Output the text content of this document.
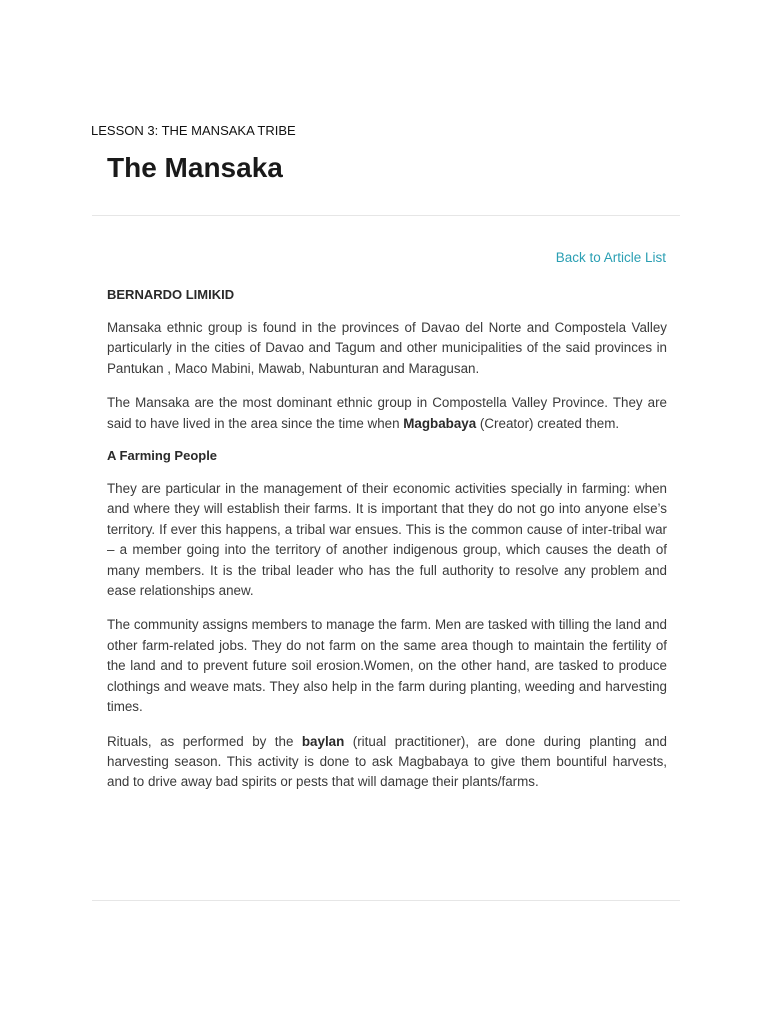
LESSON 3: THE MANSAKA TRIBE
The Mansaka
Back to Article List

BERNARDO LIMIKID

Mansaka ethnic group is found in the provinces of Davao del Norte and Compostela Valley particularly in the cities of Davao and Tagum and other municipalities of the said provinces in Pantukan , Maco Mabini, Mawab, Nabunturan and Maragusan.

The Mansaka are the most dominant ethnic group in Compostella Valley Province. They are said to have lived in the area since the time when Magbabaya (Creator) created them.

A Farming People

They are particular in the management of their economic activities specially in farming: when and where they will establish their farms. It is important that they do not go into anyone else’s territory. If ever this happens, a tribal war ensues. This is the common cause of inter-tribal war – a member going into the territory of another indigenous group, which causes the death of many members. It is the tribal leader who has the full authority to resolve any problem and ease relationships anew.

The community assigns members to manage the farm. Men are tasked with tilling the land and other farm-related jobs. They do not farm on the same area though to maintain the fertility of the land and to prevent future soil erosion.Women, on the other hand, are tasked to produce clothings and weave mats. They also help in the farm during planting, weeding and harvesting times.

Rituals, as performed by the baylan (ritual practitioner), are done during planting and harvesting season. This activity is done to ask Magbabaya to give them bountiful harvests, and to drive away bad spirits or pests that will damage their plants/farms.
